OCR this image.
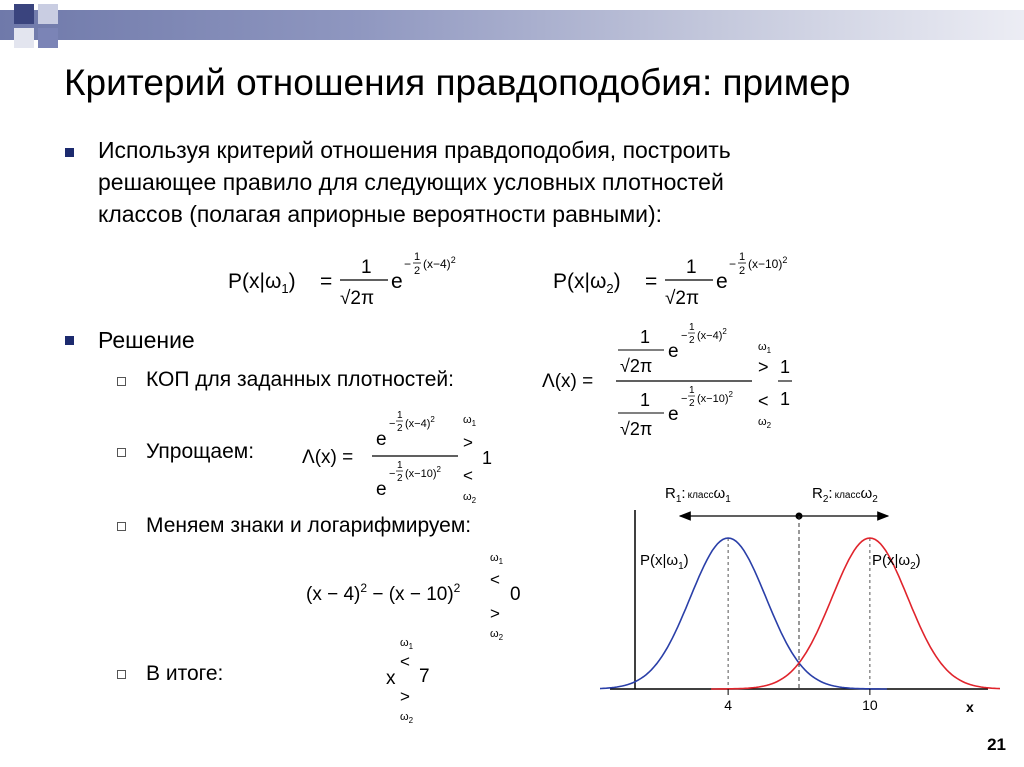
Критерий отношения правдоподобия: пример
Используя критерий отношения правдоподобия, построить
решающее правило для следующих условных плотностей
классов (полагая априорные вероятности равными):
$P(x|\omega_1)$ =
1
√2π
e
− 1
2 $(x-4)^2$
$P(x|\omega_2)$ =
1
√2π
e
− 1
2 $(x-10)^2$
Решение
КОП для заданных плотностей:
Упрощаем:
Меняем знаки и логарифмируем:
В итоге:
Λ(x) =
1
√2π
e
−
1
2 $(x-4)^2$
1
√2π
e
−
1
2 $(x-10)^2$
$\omega_1$
>
<
$\omega_2$
1
1
Λ(x) =
e
−
1
2 $(x-4)^2$
e
−
1
2 $(x-10)^2$
$\omega_1$
>
1
<
$\omega_2$
$(x - 4)^2 - (x - 10)^2$
$\omega_1$
<
0
>
$\omega_2$
$\omega_1$
<
x 7
>
$\omega_2$
4	10	x
$R_1$: классω$_1$	$R_2$: классω$_2$
$P(x|\omega_1)$	$P(x|\omega_2)$
21
